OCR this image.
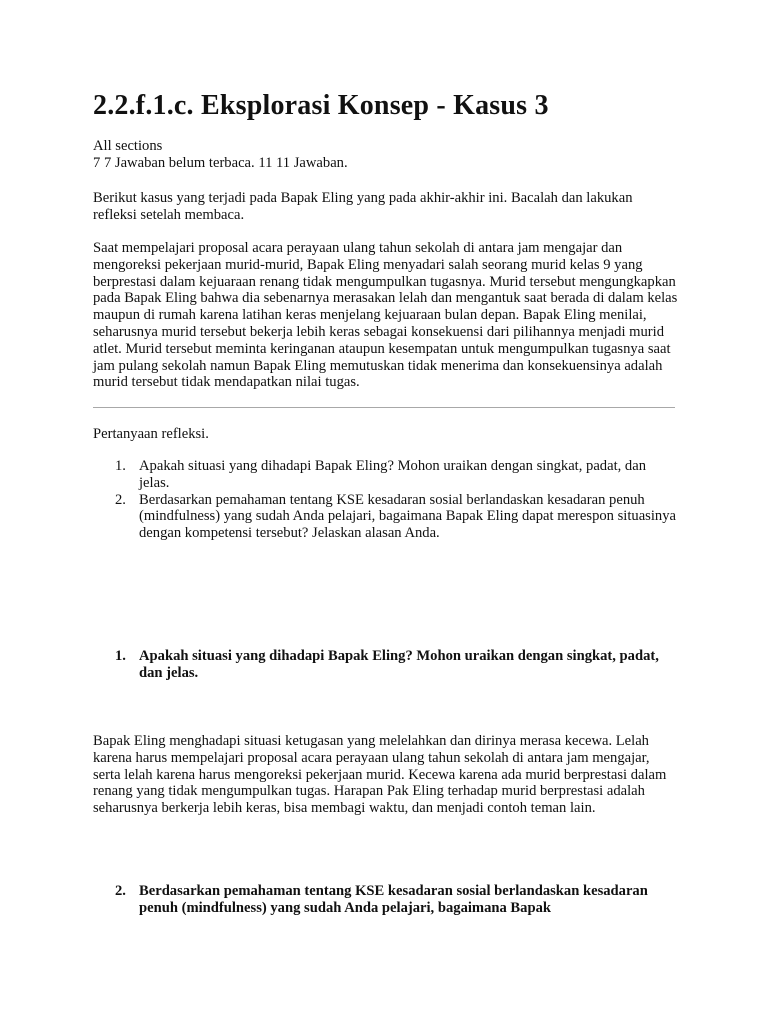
2.2.f.1.c. Eksplorasi Konsep - Kasus 3

All sections
7 7 Jawaban belum terbaca. 11 11 Jawaban.

Berikut kasus yang terjadi pada Bapak Eling yang pada akhir-akhir ini. Bacalah dan lakukan refleksi setelah membaca.

Saat mempelajari proposal acara perayaan ulang tahun sekolah di antara jam mengajar dan mengoreksi pekerjaan murid-murid, Bapak Eling menyadari salah seorang murid kelas 9 yang berprestasi dalam kejuaraan renang tidak mengumpulkan tugasnya. Murid tersebut mengungkapkan pada Bapak Eling bahwa dia sebenarnya merasakan lelah dan mengantuk saat berada di dalam kelas maupun di rumah karena latihan keras menjelang kejuaraan bulan depan. Bapak Eling menilai, seharusnya murid tersebut bekerja lebih keras sebagai konsekuensi dari pilihannya menjadi murid atlet. Murid tersebut meminta keringanan ataupun kesempatan untuk mengumpulkan tugasnya saat jam pulang sekolah namun Bapak Eling memutuskan tidak menerima dan konsekuensinya adalah murid tersebut tidak mendapatkan nilai tugas.

Pertanyaan refleksi.

1. Apakah situasi yang dihadapi Bapak Eling? Mohon uraikan dengan singkat, padat, dan jelas.
2. Berdasarkan pemahaman tentang KSE kesadaran sosial berlandaskan kesadaran penuh (mindfulness) yang sudah Anda pelajari, bagaimana Bapak Eling dapat merespon situasinya dengan kompetensi tersebut? Jelaskan alasan Anda.
1. Apakah situasi yang dihadapi Bapak Eling? Mohon uraikan dengan singkat, padat, dan jelas.

Bapak Eling menghadapi situasi ketugasan yang melelahkan dan dirinya merasa kecewa. Lelah karena harus mempelajari proposal acara perayaan ulang tahun sekolah di antara jam mengajar, serta lelah karena harus mengoreksi pekerjaan murid. Kecewa karena ada murid berprestasi dalam renang yang tidak mengumpulkan tugas. Harapan Pak Eling terhadap murid berprestasi adalah seharusnya berkerja lebih keras, bisa membagi waktu, dan menjadi contoh teman lain.

2. Berdasarkan pemahaman tentang KSE kesadaran sosial berlandaskan kesadaran penuh (mindfulness) yang sudah Anda pelajari, bagaimana Bapak
